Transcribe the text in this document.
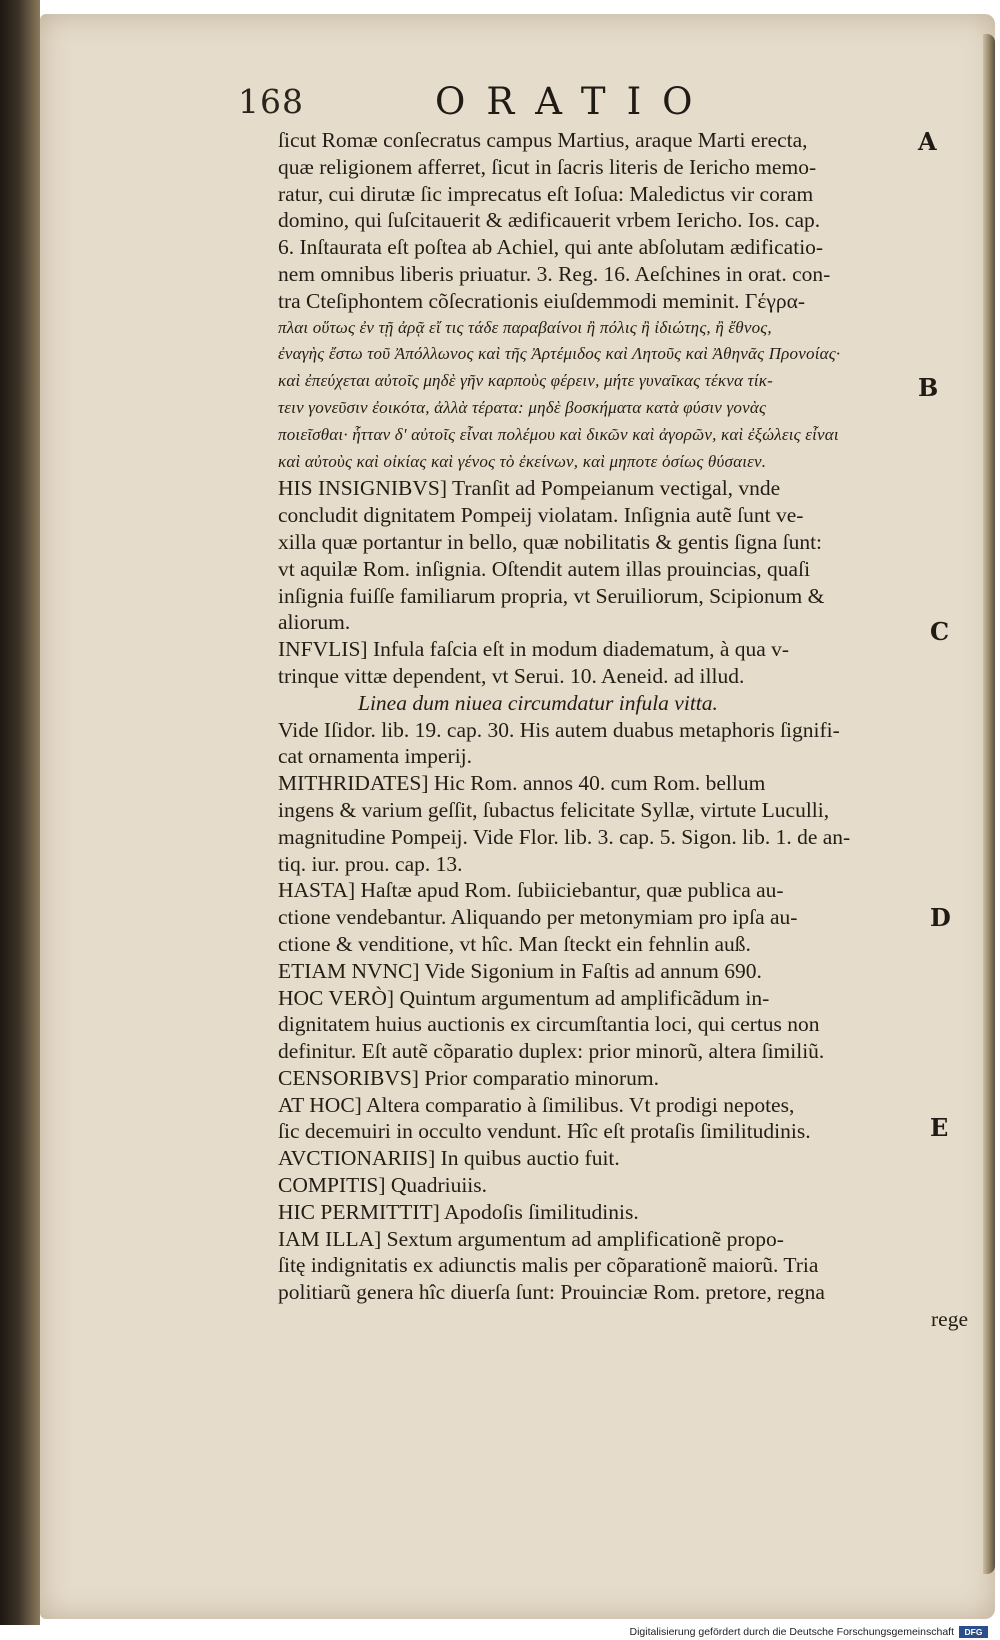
168	ORATIO
A
B
C
D
E
ſicut Romæ conſecratus campus Martius, araque Marti erecta,
quæ religionem afferret, ſicut in ſacris literis de Iericho memo-
ratur, cui dirutæ ſic imprecatus eſt Ioſua: Maledictus vir coram
domino, qui ſuſcitauerit & ædificauerit vrbem Iericho. Ios. cap.
6. Inſtaurata eſt poſtea ab Achiel, qui ante abſolutam ædificatio-
nem omnibus liberis priuatur. 3. Reg. 16. Aeſchines in orat. con-
tra Cteſiphontem cõſecrationis eiuſdemmodi meminit. Γέγρα-
πλαι οὕτως ἐν τῇ ἀρᾷ εἴ τις τάδε παραβαίνοι ἢ πόλις ἢ ἰδιώτης, ἢ ἔθνος,
ἐναγὴς ἔστω τοῦ Ἀπόλλωνος καὶ τῆς Ἀρτέμιδος καὶ Λητοῦς καὶ Ἀθηνᾶς Προνοίας·
καὶ ἐπεύχεται αὐτοῖς μηδὲ γῆν καρποὺς φέρειν, μήτε γυναῖκας τέκνα τίκ-
τειν γονεῦσιν ἐοικότα, ἀλλὰ τέρατα: μηδὲ βοσκήματα κατὰ φύσιν γονὰς
ποιεῖσθαι· ἧτταν δ' αὐτοῖς εἶναι πολέμου καὶ δικῶν καὶ ἀγορῶν, καὶ ἐξώλεις εἶναι
καὶ αὐτοὺς καὶ οἰκίας καὶ γένος τὸ ἐκείνων, καὶ μηποτε ὁσίως θύσαιεν.
HIS INSIGNIBVS] Tranſit ad Pompeianum vectigal, vnde
concludit dignitatem Pompeij violatam. Inſignia autẽ ſunt ve-
xilla quæ portantur in bello, quæ nobilitatis & gentis ſigna ſunt:
vt aquilæ Rom. inſignia. Oſtendit autem illas prouincias, quaſi
inſignia fuiſſe familiarum propria, vt Seruiliorum, Scipionum &
aliorum.
INFVLIS] Infula faſcia eſt in modum diadematum, à qua v-
trinque vittæ dependent, vt Serui. 10. Aeneid. ad illud.
Linea dum niuea circumdatur infula vitta.
Vide Iſidor. lib. 19. cap. 30. His autem duabus metaphoris ſignifi-
cat ornamenta imperij.
MITHRIDATES] Hic Rom. annos 40. cum Rom. bellum
ingens & varium geſſit, ſubactus felicitate Syllæ, virtute Luculli,
magnitudine Pompeij. Vide Flor. lib. 3. cap. 5. Sigon. lib. 1. de an-
tiq. iur. prou. cap. 13.
HASTA] Haſtæ apud Rom. ſubiiciebantur, quæ publica au-
ctione vendebantur. Aliquando per metonymiam pro ipſa au-
ctione & venditione, vt hîc. Man ſteckt ein fehnlin auß.
ETIAM NVNC] Vide Sigonium in Faſtis ad annum 690.
HOC VERÒ] Quintum argumentum ad amplificãdum in-
dignitatem huius auctionis ex circumſtantia loci, qui certus non
definitur. Eſt autẽ cõparatio duplex: prior minorũ, altera ſimiliũ.
CENSORIBVS] Prior comparatio minorum.
AT HOC] Altera comparatio à ſimilibus. Vt prodigi nepotes,
ſic decemuiri in occulto vendunt. Hîc eſt protaſis ſimilitudinis.
AVCTIONARIIS] In quibus auctio fuit.
COMPITIS] Quadriuiis.
HIC PERMITTIT] Apodoſis ſimilitudinis.
IAM ILLA] Sextum argumentum ad amplificationẽ propo-
ſitę indignitatis ex adiunctis malis per cõparationẽ maiorũ. Tria
politiarũ genera hîc diuerſa ſunt: Prouinciæ Rom. pretore, regna
rege
Digitalisierung gefördert durch die Deutsche Forschungsgemeinschaft	DFG
